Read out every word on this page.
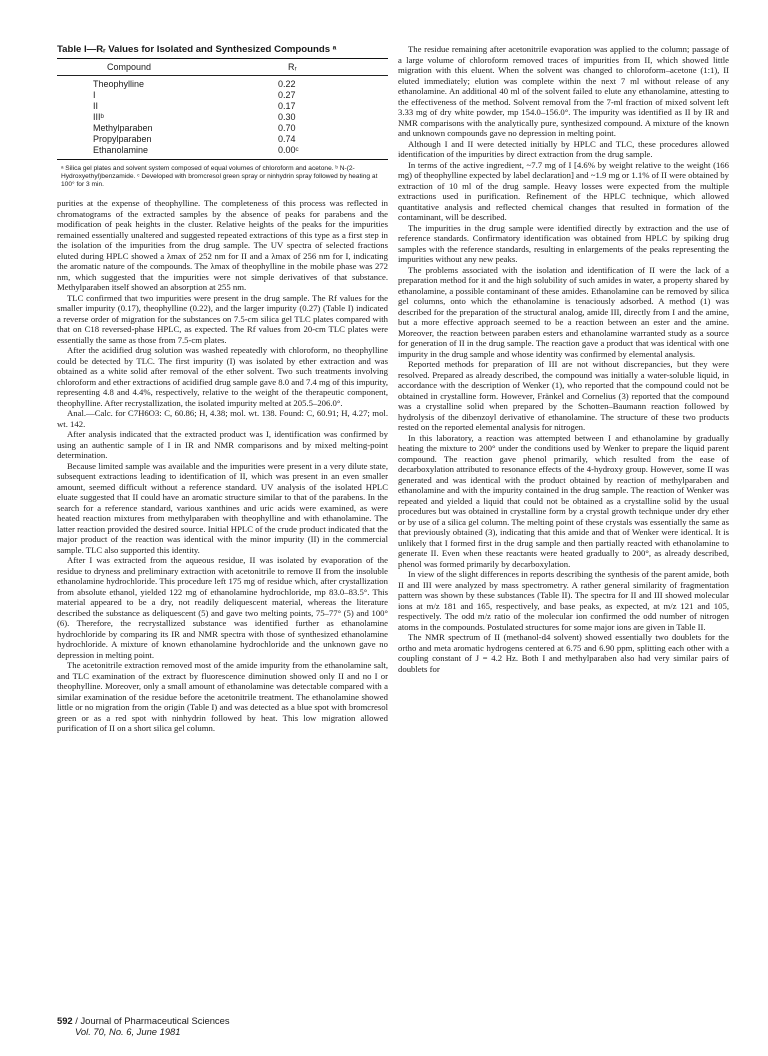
Table I—Rᵣ Values for Isolated and Synthesized Compounds ᵃ
Compound	Rᵣ

Theophylline	0.22
I	0.27
II	0.17
IIIᵇ	0.30
Methylparaben	0.70
Propylparaben	0.74
Ethanolamine	0.00ᶜ

ᵃ Silica gel plates and solvent system composed of equal volumes of chloroform and acetone. ᵇ N-(2-Hydroxyethyl)benzamide. ᶜ Developed with bromcresol green spray or ninhydrin spray followed by heating at 100° for 3 min.

purities at the expense of theophylline. The completeness of this process was reflected in chromatograms of the extracted samples by the absence of peaks for parabens and the modification of peak heights in the cluster. Relative heights of the peaks for the impurities remained essentially unaltered and suggested repeated extractions of this type as a first step in the isolation of the impurities from the drug sample. The UV spectra of selected fractions eluted during HPLC showed a λmax of 252 nm for II and a λmax of 256 nm for I, indicating the aromatic nature of the compounds. The λmax of theophylline in the mobile phase was 272 nm, which suggested that the impurities were not simple derivatives of that substance. Methylparaben itself showed an absorption at 255 nm.

TLC confirmed that two impurities were present in the drug sample. The Rf values for the smaller impurity (0.17), theophylline (0.22), and the larger impurity (0.27) (Table I) indicated a reverse order of migration for the substances on 7.5-cm silica gel TLC plates compared with that on C18 reversed-phase HPLC, as expected. The Rf values from 20-cm TLC plates were essentially the same as those from 7.5-cm plates.

After the acidified drug solution was washed repeatedly with chloroform, no theophylline could be detected by TLC. The first impurity (I) was isolated by ether extraction and was obtained as a white solid after removal of the ether solvent. Two such treatments involving chloroform and ether extractions of acidified drug sample gave 8.0 and 7.4 mg of this impurity, representing 4.8 and 4.4%, respectively, relative to the weight of the therapeutic component, theophylline. After recrystallization, the isolated impurity melted at 205.5–206.0°.

Anal.—Calc. for C7H6O3: C, 60.86; H, 4.38; mol. wt. 138. Found: C, 60.91; H, 4.27; mol. wt. 142.

After analysis indicated that the extracted product was I, identification was confirmed by using an authentic sample of I in IR and NMR comparisons and by mixed melting-point determination.

Because limited sample was available and the impurities were present in a very dilute state, subsequent extractions leading to identification of II, which was present in an even smaller amount, seemed difficult without a reference standard. UV analysis of the isolated HPLC eluate suggested that II could have an aromatic structure similar to that of the parabens. In the search for a reference standard, various xanthines and uric acids were examined, as were heated reaction mixtures from methylparaben with theophylline and with ethanolamine. The latter reaction provided the desired source. Initial HPLC of the crude product indicated that the major product of the reaction was identical with the minor impurity (II) in the commercial sample. TLC also supported this identity.

After I was extracted from the aqueous residue, II was isolated by evaporation of the residue to dryness and preliminary extraction with acetonitrile to remove II from the insoluble ethanolamine hydrochloride. This procedure left 175 mg of residue which, after crystallization from absolute ethanol, yielded 122 mg of ethanolamine hydrochloride, mp 83.0–83.5°. This material appeared to be a dry, not readily deliquescent material, whereas the literature described the substance as deliquescent (5) and gave two melting points, 75–77° (5) and 100° (6). Therefore, the recrystallized substance was identified further as ethanolamine hydrochloride by comparing its IR and NMR spectra with those of synthesized ethanolamine hydrochloride. A mixture of known ethanolamine hydrochloride and the unknown gave no depression in melting point.

The acetonitrile extraction removed most of the amide impurity from the ethanolamine salt, and TLC examination of the extract by fluorescence diminution showed only II and no I or theophylline. Moreover, only a small amount of ethanolamine was detectable compared with a similar examination of the residue before the acetonitrile treatment. The ethanolamine showed little or no migration from the origin (Table I) and was detected as a blue spot with bromcresol green or as a red spot with ninhydrin followed by heat. This low migration allowed purification of II on a short silica gel column.

The residue remaining after acetonitrile evaporation was applied to the column; passage of a large volume of chloroform removed traces of impurities from II, which showed little migration with this eluent. When the solvent was changed to chloroform–acetone (1:1), II eluted immediately; elution was complete within the next 7 ml without release of any ethanolamine. An additional 40 ml of the solvent failed to elute any ethanolamine, attesting to the effectiveness of the method. Solvent removal from the 7-ml fraction of mixed solvent left 3.33 mg of dry white powder, mp 154.0–156.0°. The impurity was identified as II by IR and NMR comparisons with the analytically pure, synthesized compound. A mixture of the known and unknown compounds gave no depression in melting point.

Although I and II were detected initially by HPLC and TLC, these procedures allowed identification of the impurities by direct extraction from the drug sample.

In terms of the active ingredient, ~7.7 mg of I [4.6% by weight relative to the weight (166 mg) of theophylline expected by label declaration] and ~1.9 mg or 1.1% of II were obtained by extraction of 10 ml of the drug sample. Heavy losses were expected from the multiple extractions used in purification. Refinement of the HPLC technique, which allowed quantitative analysis and reflected chemical changes that resulted in formation of the contaminant, will be described.

The impurities in the drug sample were identified directly by extraction and the use of reference standards. Confirmatory identification was obtained from HPLC by spiking drug samples with the reference standards, resulting in enlargements of the peaks representing the impurities without any new peaks.

The problems associated with the isolation and identification of II were the lack of a preparation method for it and the high solubility of such amides in water, a property shared by ethanolamine, a possible contaminant of these amides. Ethanolamine can be removed by silica gel columns, onto which the ethanolamine is tenaciously adsorbed. A method (1) was described for the preparation of the structural analog, amide III, directly from I and the amine, but a more effective approach seemed to be a reaction between an ester and the amine. Moreover, the reaction between paraben esters and ethanolamine warranted study as a source for generation of II in the drug sample. The reaction gave a product that was identical with one impurity in the drug sample and whose identity was confirmed by elemental analysis.

Reported methods for preparation of III are not without discrepancies, but they were resolved. Prepared as already described, the compound was initially a water-soluble liquid, in accordance with the description of Wenker (1), who reported that the compound could not be obtained in crystalline form. However, Fränkel and Cornelius (3) reported that the compound was a crystalline solid when prepared by the Schotten–Baumann reaction followed by hydrolysis of the dibenzoyl derivative of ethanolamine. The structure of these two products rested on the reported elemental analysis for nitrogen.

In this laboratory, a reaction was attempted between I and ethanolamine by gradually heating the mixture to 200° under the conditions used by Wenker to prepare the liquid parent compound. The reaction gave phenol primarily, which resulted from the ease of decarboxylation attributed to resonance effects of the 4-hydroxy group. However, some II was generated and was identical with the product obtained by reaction of methylparaben and ethanolamine and with the impurity contained in the drug sample. The reaction of Wenker was repeated and yielded a liquid that could not be obtained as a crystalline solid by the usual procedures but was obtained in crystalline form by a crystal growth technique under dry ether or by use of a silica gel column. The melting point of these crystals was essentially the same as that previously obtained (3), indicating that this amide and that of Wenker were identical. It is unlikely that I formed first in the drug sample and then partially reacted with ethanolamine to generate II. Even when these reactants were heated gradually to 200°, as already described, phenol was formed primarily by decarboxylation.

In view of the slight differences in reports describing the synthesis of the parent amide, both II and III were analyzed by mass spectrometry. A rather general similarity of fragmentation pattern was shown by these substances (Table II). The spectra for II and III showed molecular ions at m/z 181 and 165, respectively, and base peaks, as expected, at m/z 121 and 105, respectively. The odd m/z ratio of the molecular ion confirmed the odd number of nitrogen atoms in the compounds. Postulated structures for some major ions are given in Table II.

The NMR spectrum of II (methanol-d4 solvent) showed essentially two doublets for the ortho and meta aromatic hydrogens centered at 6.75 and 6.90 ppm, splitting each other with a coupling constant of J = 4.2 Hz. Both I and methylparaben also had very similar pairs of doublets for

592 / Journal of Pharmaceutical Sciences
Vol. 70, No. 6, June 1981
